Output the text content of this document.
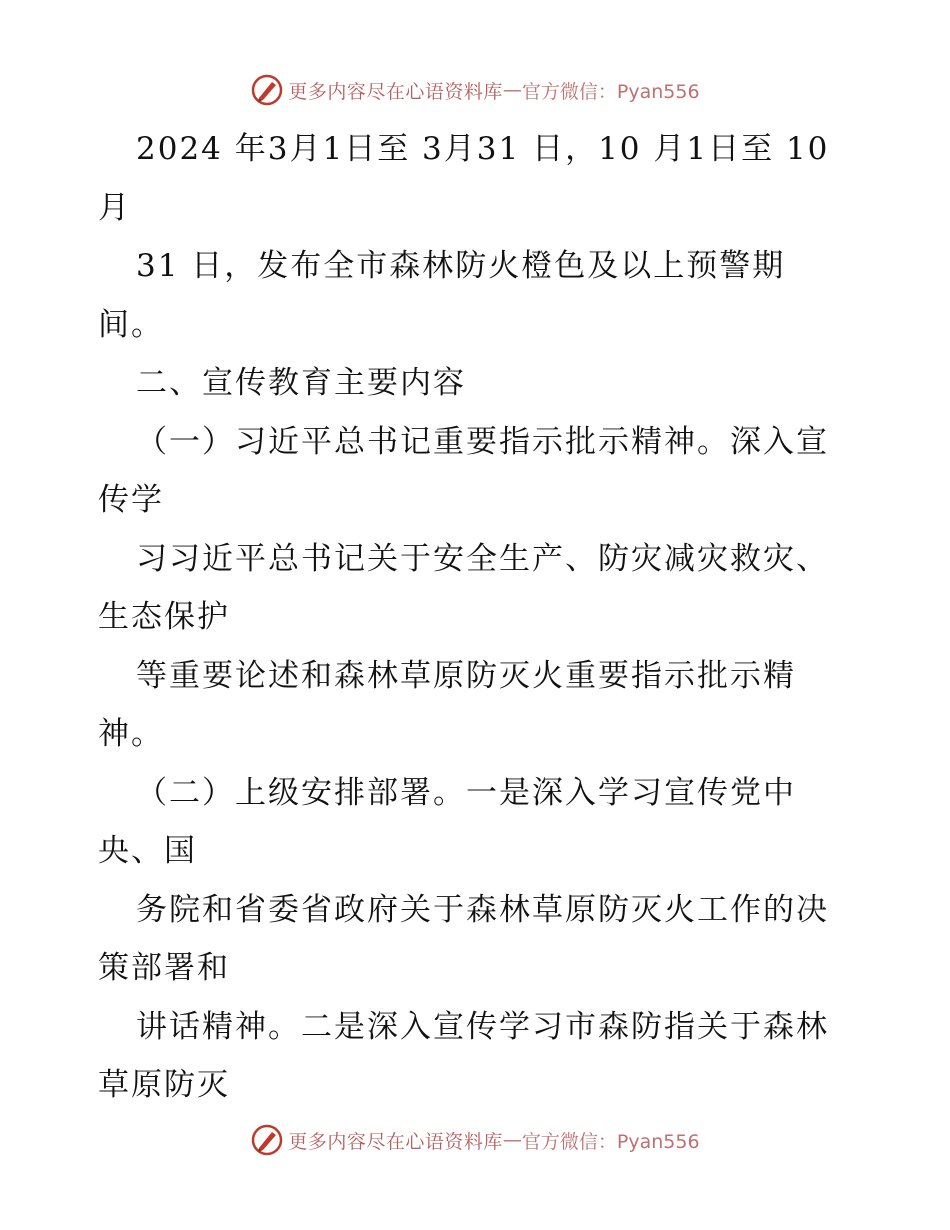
更多内容尽在心语资料库 — 官方微信：Pyan556
2024 年3月1日至 3月31 日，10 月1日至 10
月
31 日，发布全市森林防火橙色及以上预警期
间。
二、宣传教育主要内容
（一）习近平总书记重要指示批示精神。深入宣
传学
习习近平总书记关于安全生产、防灾减灾救灾、
生态保护
等重要论述和森林草原防灭火重要指示批示精
神。
（二）上级安排部署。一是深入学习宣传党中
央、国
务院和省委省政府关于森林草原防灭火工作的决
策部署和
讲话精神。二是深入宣传学习市森防指关于森林
草原防灭
更多内容尽在心语资料库 — 官方微信：Pyan556
